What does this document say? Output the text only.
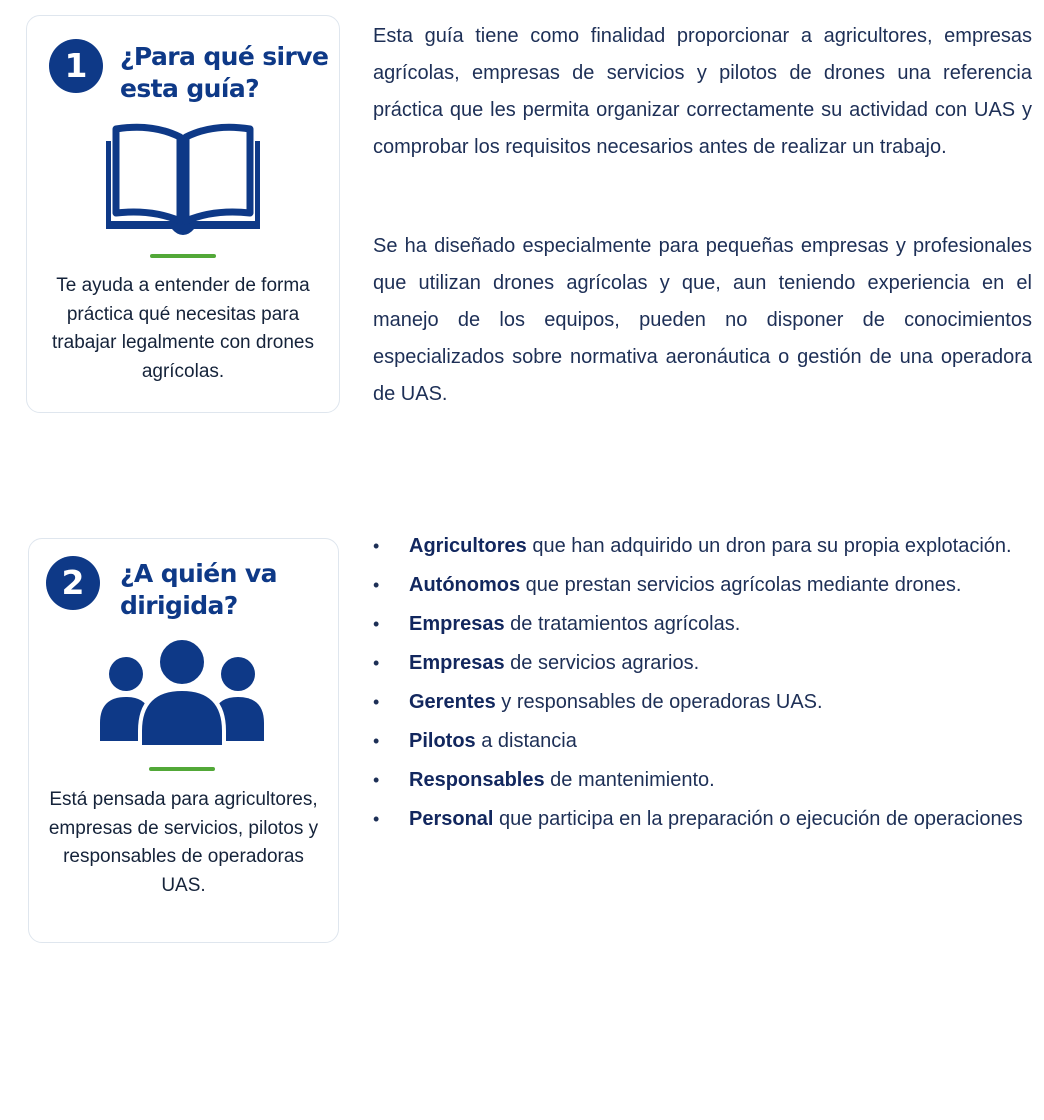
1	¿Para qué sirve esta guía?

Te ayuda a entender de forma práctica qué necesitas para trabajar legalmente con drones agrícolas.

Esta guía tiene como finalidad proporcionar a agricultores, empresas agrícolas, empresas de servicios y pilotos de drones una referencia práctica que les permita organizar correctamente su actividad con UAS y comprobar los requisitos necesarios antes de realizar un trabajo.

Se ha diseñado especialmente para pequeñas empresas y profesionales que utilizan drones agrícolas y que, aun teniendo experiencia en el manejo de los equipos, pueden no disponer de conocimientos especializados sobre normativa aeronáutica o gestión de una operadora de UAS.

2	¿A quién va dirigida?

Está pensada para agricultores, empresas de servicios, pilotos y responsables de operadoras UAS.

• Agricultores que han adquirido un dron para su propia explotación.
• Autónomos que prestan servicios agrícolas mediante drones.
• Empresas de tratamientos agrícolas.
• Empresas de servicios agrarios.
• Gerentes y responsables de operadoras UAS.
• Pilotos a distancia
• Responsables de mantenimiento.
• Personal que participa en la preparación o ejecución de operaciones
